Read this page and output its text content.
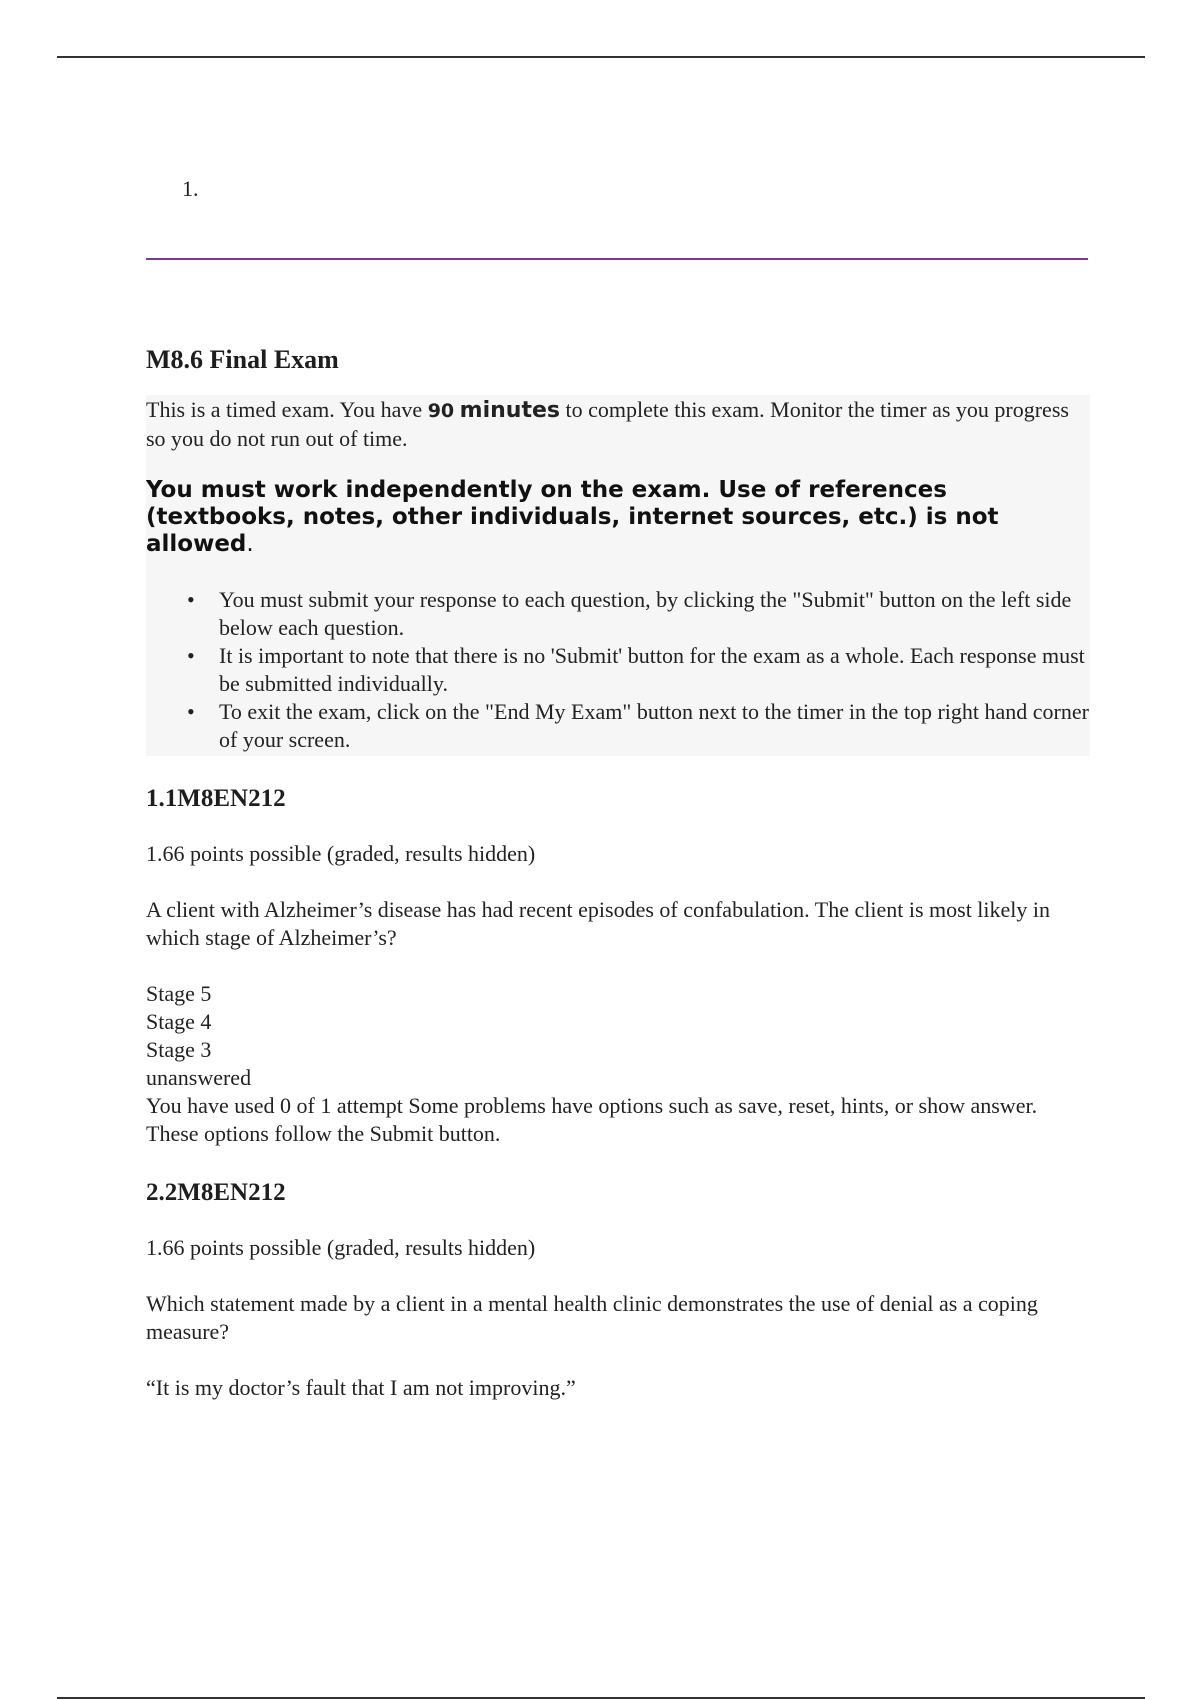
1.
M8.6 Final Exam

This is a timed exam. You have 90 minutes to complete this exam. Monitor the timer as you progress so you do not run out of time.

You must work independently on the exam. Use of references (textbooks, notes, other individuals, internet sources, etc.) is not allowed.

• You must submit your response to each question, by clicking the "Submit" button on the left side below each question.
• It is important to note that there is no 'Submit' button for the exam as a whole. Each response must be submitted individually.
• To exit the exam, click on the "End My Exam" button next to the timer in the top right hand corner of your screen.
1.1M8EN212

1.66 points possible (graded, results hidden)

A client with Alzheimer’s disease has had recent episodes of confabulation. The client is most likely in which stage of Alzheimer’s?

Stage 5
Stage 4
Stage 3
unanswered
You have used 0 of 1 attempt Some problems have options such as save, reset, hints, or show answer. These options follow the Submit button.
2.2M8EN212

1.66 points possible (graded, results hidden)

Which statement made by a client in a mental health clinic demonstrates the use of denial as a coping measure?

“It is my doctor’s fault that I am not improving.”
